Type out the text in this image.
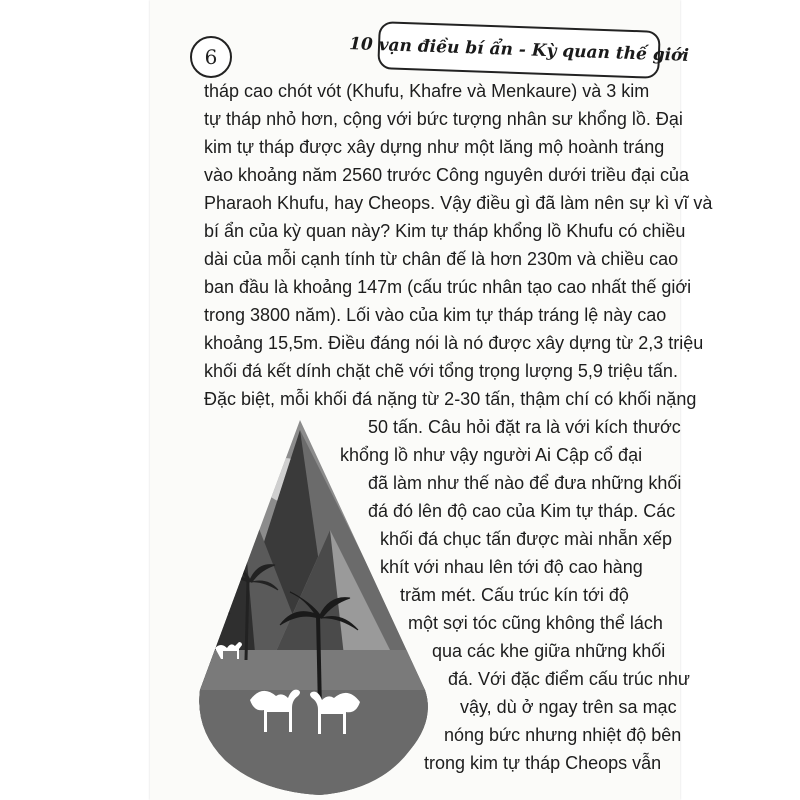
6	10 vạn điều bí ẩn - Kỳ quan thế giới
tháp cao chót vót (Khufu, Khafre và Menkaure) và 3 kim
tự tháp nhỏ hơn, cộng với bức tượng nhân sư khổng lồ. Đại
kim tự tháp được xây dựng như một lăng mộ hoành tráng
vào khoảng năm 2560 trước Công nguyên dưới triều đại của
Pharaoh Khufu, hay Cheops. Vậy điều gì đã làm nên sự kì vĩ và
bí ẩn của kỳ quan này? Kim tự tháp khổng lồ Khufu có chiều
dài của mỗi cạnh tính từ chân đế là hơn 230m và chiều cao
ban đầu là khoảng 147m (cấu trúc nhân tạo cao nhất thế giới
trong 3800 năm). Lối vào của kim tự tháp tráng lệ này cao
khoảng 15,5m. Điều đáng nói là nó được xây dựng từ 2,3 triệu
khối đá kết dính chặt chẽ với tổng trọng lượng 5,9 triệu tấn.
Đặc biệt, mỗi khối đá nặng từ 2-30 tấn, thậm chí có khối nặng
50 tấn. Câu hỏi đặt ra là với kích thước
khổng lồ như vậy người Ai Cập cổ đại
đã làm như thế nào để đưa những khối
đá đó lên độ cao của Kim tự tháp. Các
khối đá chục tấn được mài nhẵn xếp
khít với nhau lên tới độ cao hàng
trăm mét. Cấu trúc kín tới độ
một sợi tóc cũng không thể lách
qua các khe giữa những khối
đá. Với đặc điểm cấu trúc như
vậy, dù ở ngay trên sa mạc
nóng bức nhưng nhiệt độ bên
trong kim tự tháp Cheops vẫn
